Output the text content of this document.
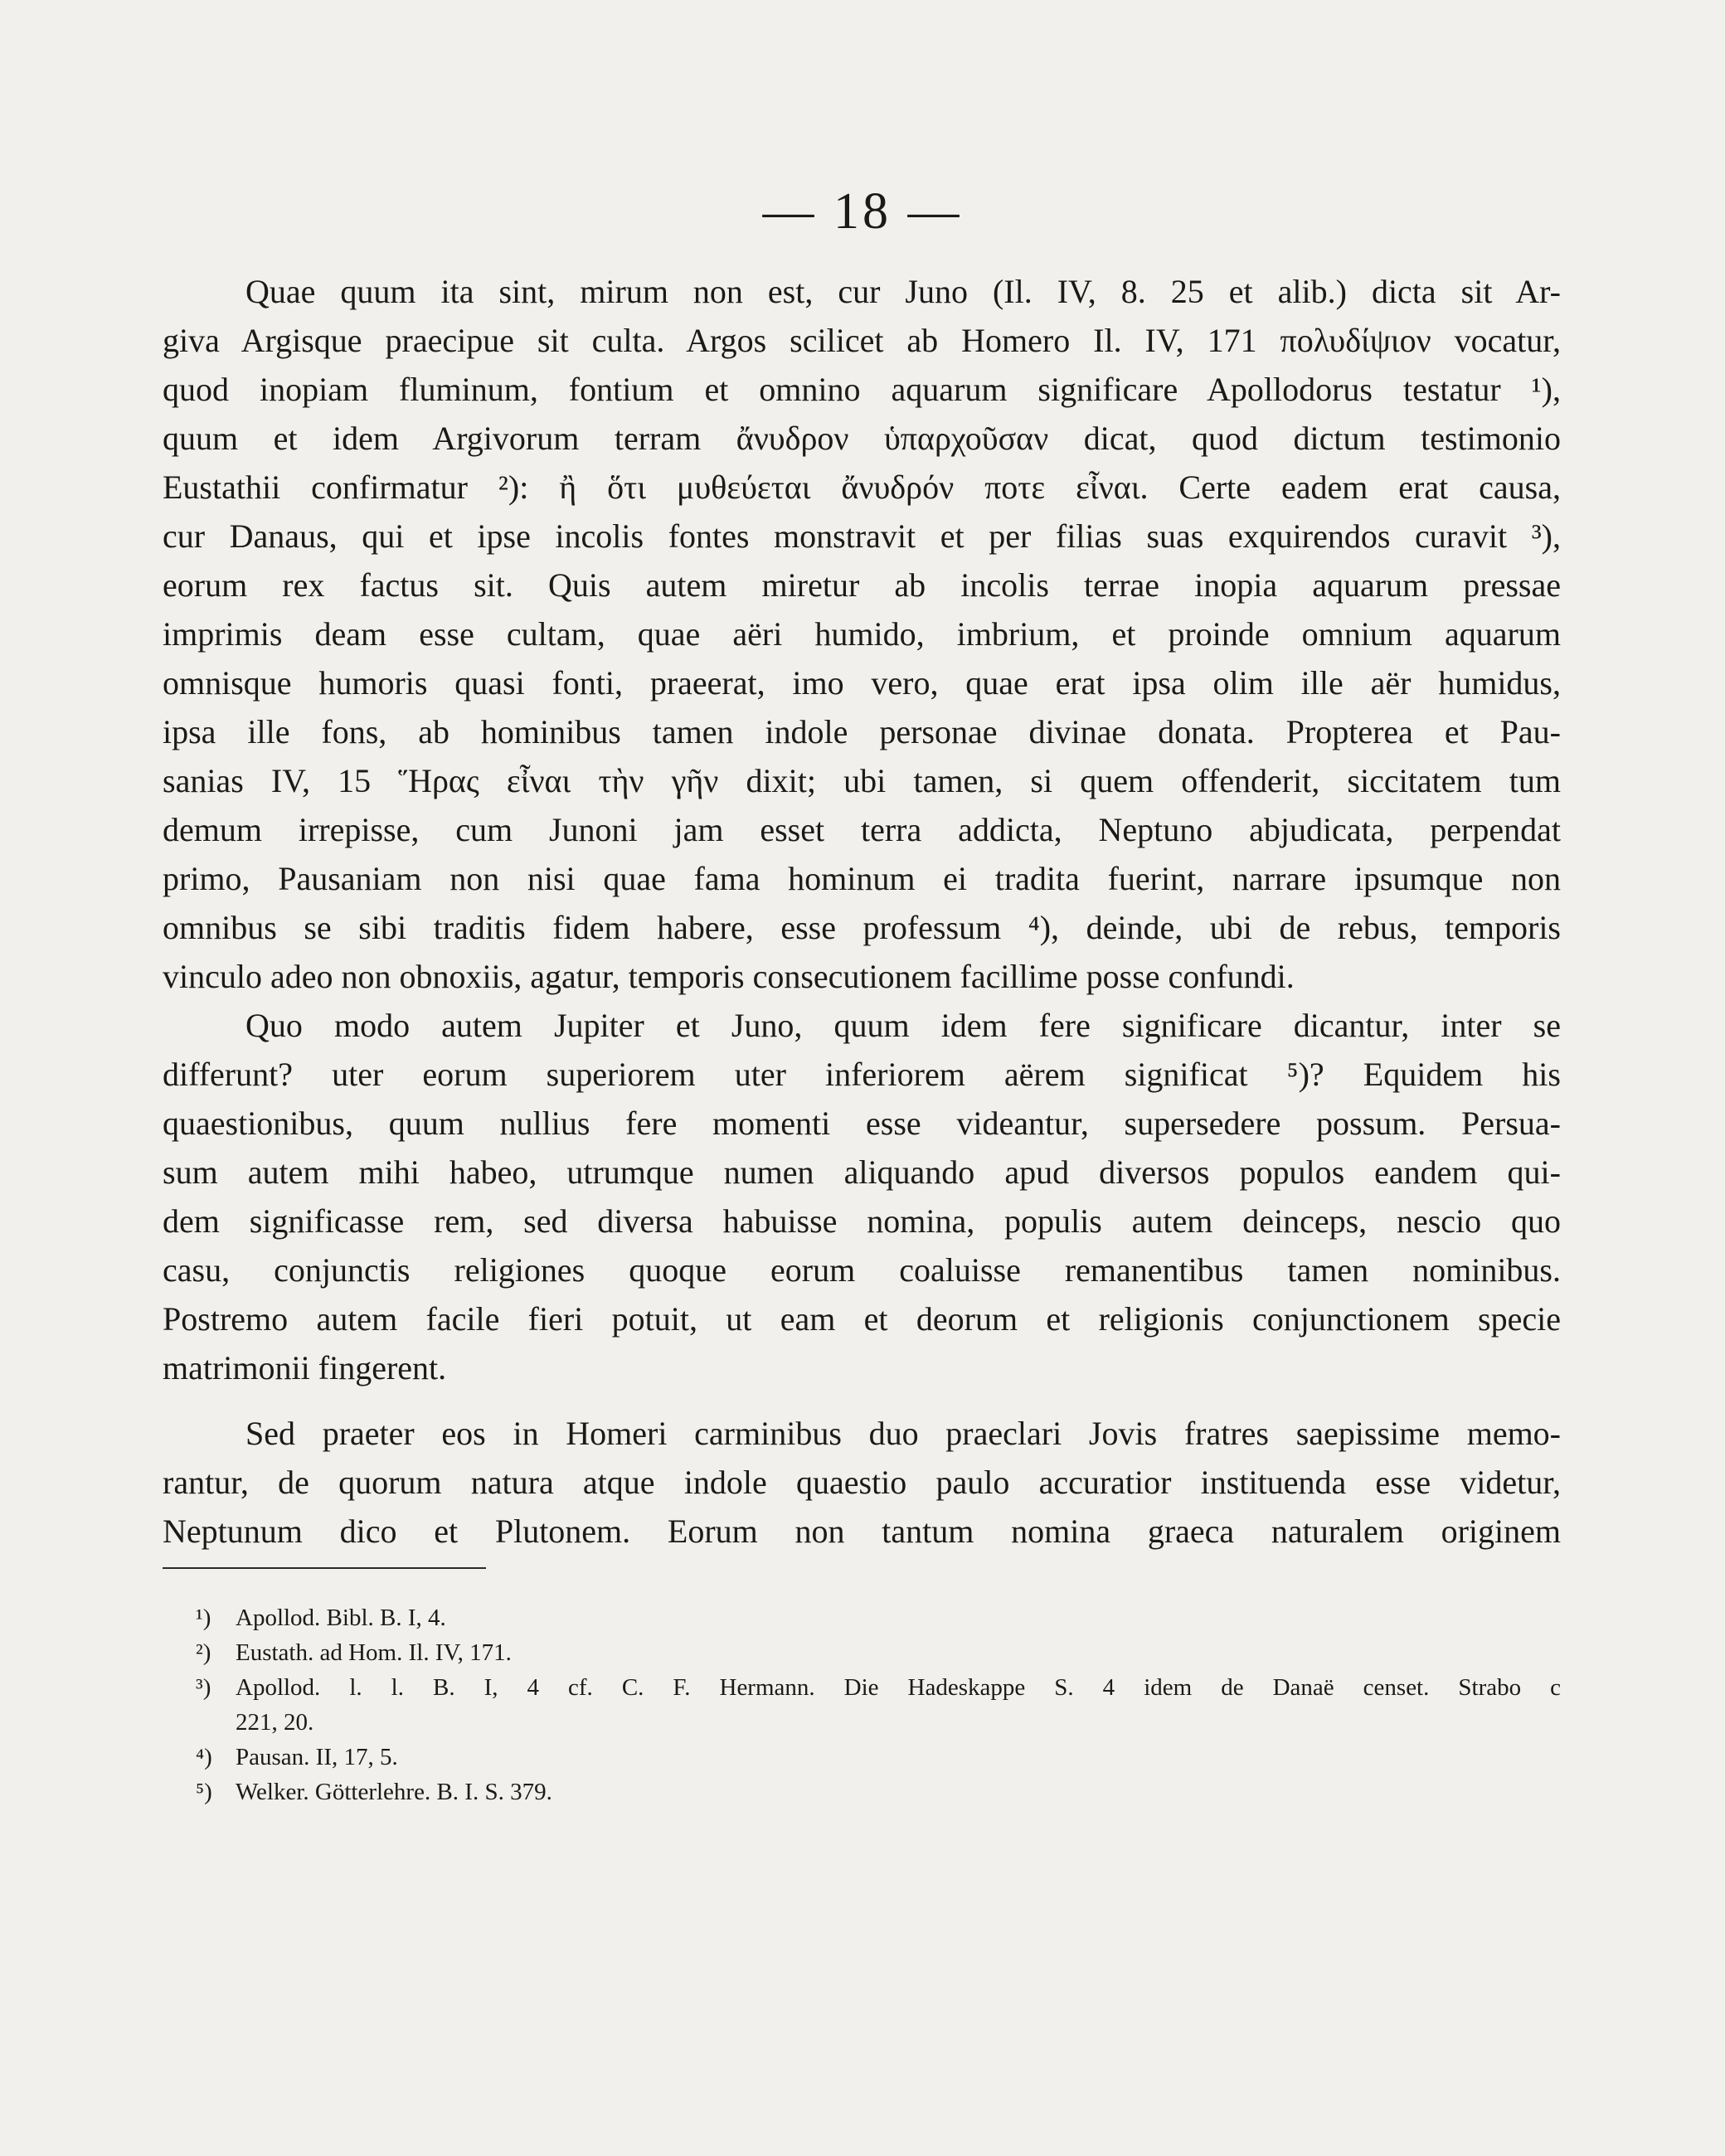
— 18 —
Quae quum ita sint, mirum non est, cur Juno (Il. IV, 8. 25 et alib.) dicta sit Ar-
giva Argisque praecipue sit culta. Argos scilicet ab Homero Il. IV, 171 πολυδίψιον vocatur,
quod inopiam fluminum, fontium et omnino aquarum significare Apollodorus testatur ¹),
quum et idem Argivorum terram ἄνυδρον ὑπαρχοῦσαν dicat, quod dictum testimonio
Eustathii confirmatur ²): ἢ ὅτι μυθεύεται ἄνυδρόν ποτε εἶναι. Certe eadem erat causa,
cur Danaus, qui et ipse incolis fontes monstravit et per filias suas exquirendos curavit ³),
eorum rex factus sit. Quis autem miretur ab incolis terrae inopia aquarum pressae
imprimis deam esse cultam, quae aëri humido, imbrium, et proinde omnium aquarum
omnisque humoris quasi fonti, praeerat, imo vero, quae erat ipsa olim ille aër humidus,
ipsa ille fons, ab hominibus tamen indole personae divinae donata. Propterea et Pau-
sanias IV, 15 Ἥρας εἶναι τὴν γῆν dixit; ubi tamen, si quem offenderit, siccitatem tum
demum irrepisse, cum Junoni jam esset terra addicta, Neptuno abjudicata, perpendat
primo, Pausaniam non nisi quae fama hominum ei tradita fuerint, narrare ipsumque non
omnibus se sibi traditis fidem habere, esse professum ⁴), deinde, ubi de rebus, temporis
vinculo adeo non obnoxiis, agatur, temporis consecutionem facillime posse confundi.
Quo modo autem Jupiter et Juno, quum idem fere significare dicantur, inter se
differunt? uter eorum superiorem uter inferiorem aërem significat ⁵)? Equidem his
quaestionibus, quum nullius fere momenti esse videantur, supersedere possum. Persua-
sum autem mihi habeo, utrumque numen aliquando apud diversos populos eandem qui-
dem significasse rem, sed diversa habuisse nomina, populis autem deinceps, nescio quo
casu, conjunctis religiones quoque eorum coaluisse remanentibus tamen nominibus.
Postremo autem facile fieri potuit, ut eam et deorum et religionis conjunctionem specie
matrimonii fingerent.
Sed praeter eos in Homeri carminibus duo praeclari Jovis fratres saepissime memo-
rantur, de quorum natura atque indole quaestio paulo accuratior instituenda esse videtur,
Neptunum dico et Plutonem. Eorum non tantum nomina graeca naturalem originem
¹) Apollod. Bibl. B. I, 4.
²) Eustath. ad Hom. Il. IV, 171.
³) Apollod. l. l. B. I, 4 cf. C. F. Hermann. Die Hadeskappe S. 4 idem de Danaë censet. Strabo c
221, 20.
⁴) Pausan. II, 17, 5.
⁵) Welker. Götterlehre. B. I. S. 379.
